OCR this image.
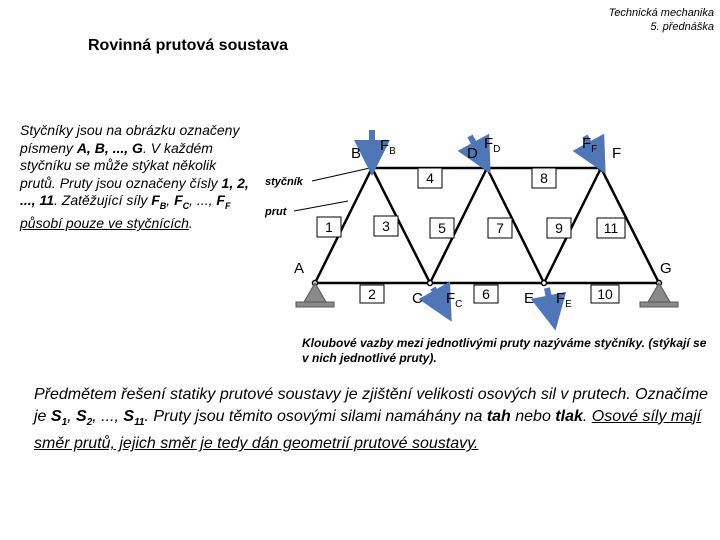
Technická mechanika
5. přednáška
Rovinná prutová soustava
Styčníky jsou na obrázku označeny písmeny A, B, ..., G. V každém styčníku se může stýkat několik prutů. Pruty jsou označeny čísly 1, 2, ..., 11. Zatěžující síly $F_B$, $F_C$, ..., $F_F$ působí pouze ve styčnících.
styčník
prut
1
2
3
4
5
6
7
8
9
10
11
A
B
C
D
E
F
G
$F_B$
$F_C$
$F_D$
$F_E$
$F_F$
Kloubové vazby mezi jednotlivými pruty nazýváme styčníky. (stýkají se v nich jednotlivé pruty).
Předmětem řešení statiky prutové soustavy je zjištění velikosti osových sil v prutech. Označíme je $S_1$, $S_2$, ..., $S_{11}$. Pruty jsou těmito osovými silami namáhány na tah nebo tlak. Osové síly mají směr prutů, jejich směr je tedy dán geometrií prutové soustavy.
